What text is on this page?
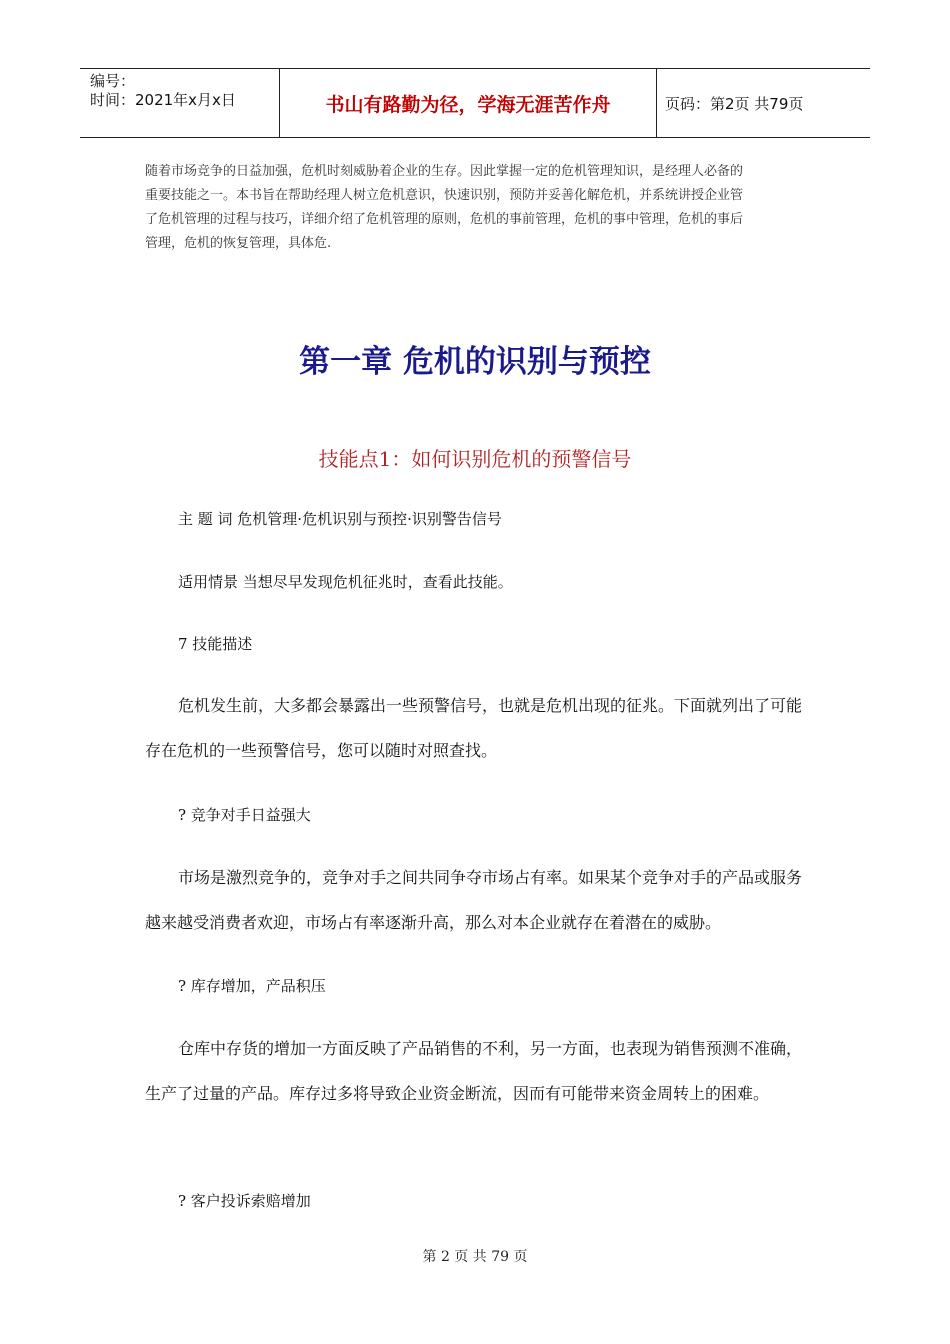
编号：
时间：2021年x月x日	书山有路勤为径，学海无涯苦作舟	页码：第2页 共79页

随着市场竞争的日益加强，危机时刻威胁着企业的生存。因此掌握一定的危机管理知识，是经理人必备的

重要技能之一。本书旨在帮助经理人树立危机意识，快速识别，预防并妥善化解危机，并系统讲授企业管

了危机管理的过程与技巧，详细介绍了危机管理的原则，危机的事前管理，危机的事中管理，危机的事后

管理，危机的恢复管理，具体危.

第一章 危机的识别与预控
技能点1：如何识别危机的预警信号
主 题 词 危机管理·危机识别与预控·识别警告信号
适用情景 当想尽早发现危机征兆时，查看此技能。
7 技能描述

危机发生前，大多都会暴露出一些预警信号，也就是危机出现的征兆。下面就列出了可能存在危机的一些预警信号，您可以随时对照查找。

? 竞争对手日益强大

市场是激烈竞争的，竞争对手之间共同争夺市场占有率。如果某个竞争对手的产品或服务越来越受消费者欢迎，市场占有率逐渐升高，那么对本企业就存在着潜在的威胁。

? 库存增加，产品积压

仓库中存货的增加一方面反映了产品销售的不利，另一方面，也表现为销售预测不准确，生产了过量的产品。库存过多将导致企业资金断流，因而有可能带来资金周转上的困难。

? 客户投诉索赔增加
第 2 页 共 79 页
